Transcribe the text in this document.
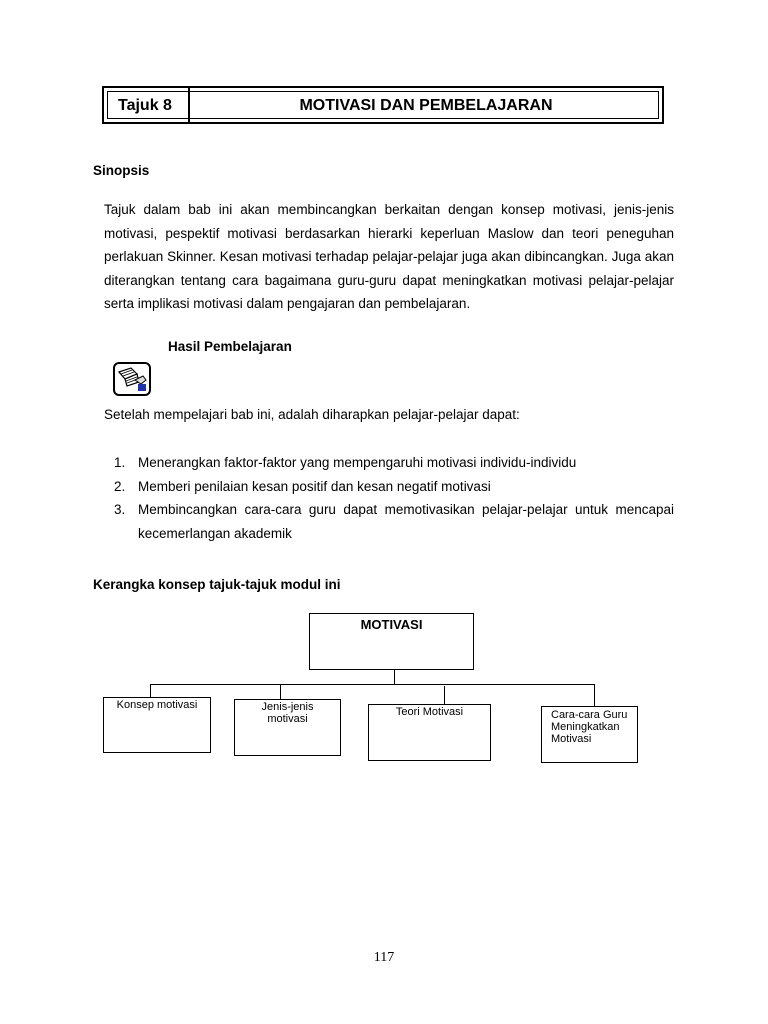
Tajuk 8	MOTIVASI DAN PEMBELAJARAN
Sinopsis
Tajuk dalam bab ini akan membincangkan berkaitan dengan konsep motivasi, jenis-jenis motivasi, pespektif motivasi berdasarkan hierarki keperluan Maslow dan teori peneguhan perlakuan Skinner. Kesan motivasi terhadap pelajar-pelajar juga akan dibincangkan. Juga akan diterangkan tentang cara bagaimana guru-guru dapat meningkatkan motivasi pelajar-pelajar serta implikasi motivasi dalam pengajaran dan pembelajaran.
Hasil Pembelajaran
Setelah mempelajari bab ini, adalah diharapkan pelajar-pelajar dapat:
1. Menerangkan faktor-faktor yang mempengaruhi motivasi individu-individu
2. Memberi penilaian kesan positif dan kesan negatif motivasi
3. Membincangkan cara-cara guru dapat memotivasikan pelajar-pelajar untuk mencapai kecemerlangan akademik
Kerangka konsep tajuk-tajuk modul ini
MOTIVASI
Konsep motivasi	Jenis-jenis motivasi
Teori Motivasi	Cara-cara Guru Meningkatkan Motivasi
117
